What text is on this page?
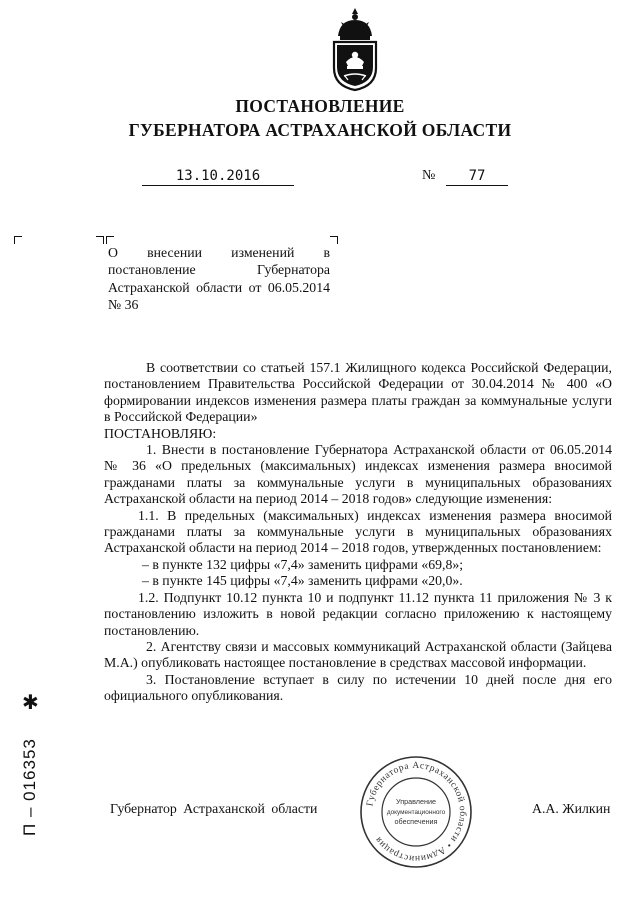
ПОСТАНОВЛЕНИЕ
ГУБЕРНАТОРА АСТРАХАНСКОЙ ОБЛАСТИ
13.10.2016	№	77
О внесении изменений в постановление Губернатора Астраханской области от 06.05.2014 № 36

В соответствии со статьей 157.1 Жилищного кодекса Российской Федерации, постановлением Правительства Российской Федерации от 30.04.2014 № 400 «О формировании индексов изменения размера платы граждан за коммунальные услуги в Российской Федерации»

ПОСТАНОВЛЯЮ:

1. Внести в постановление Губернатора Астраханской области от 06.05.2014 № 36 «О предельных (максимальных) индексах изменения размера вносимой гражданами платы за коммунальные услуги в муниципальных образованиях Астраханской области на период 2014 – 2018 годов» следующие изменения:

1.1. В предельных (максимальных) индексах изменения размера вносимой гражданами платы за коммунальные услуги в муниципальных образованиях Астраханской области на период 2014 – 2018 годов, утвержденных постановлением:

– в пункте 132 цифры «7,4» заменить цифрами «69,8»;

– в пункте 145 цифры «7,4» заменить цифрами «20,0».

1.2. Подпункт 10.12 пункта 10 и подпункт 11.12 пункта 11 приложения № 3 к постановлению изложить в новой редакции согласно приложению к настоящему постановлению.

2. Агентству связи и массовых коммуникаций Астраханской области (Зайцева М.А.) опубликовать настоящее постановление в средствах массовой информации.

3. Постановление вступает в силу по истечении 10 дней после дня его официального опубликования.

Губернатор Астраханской области	А.А. Жилкин
Губернатора Астраханской области • Администрация
Управление
документационного
обеспечения
✱
П – 016353
